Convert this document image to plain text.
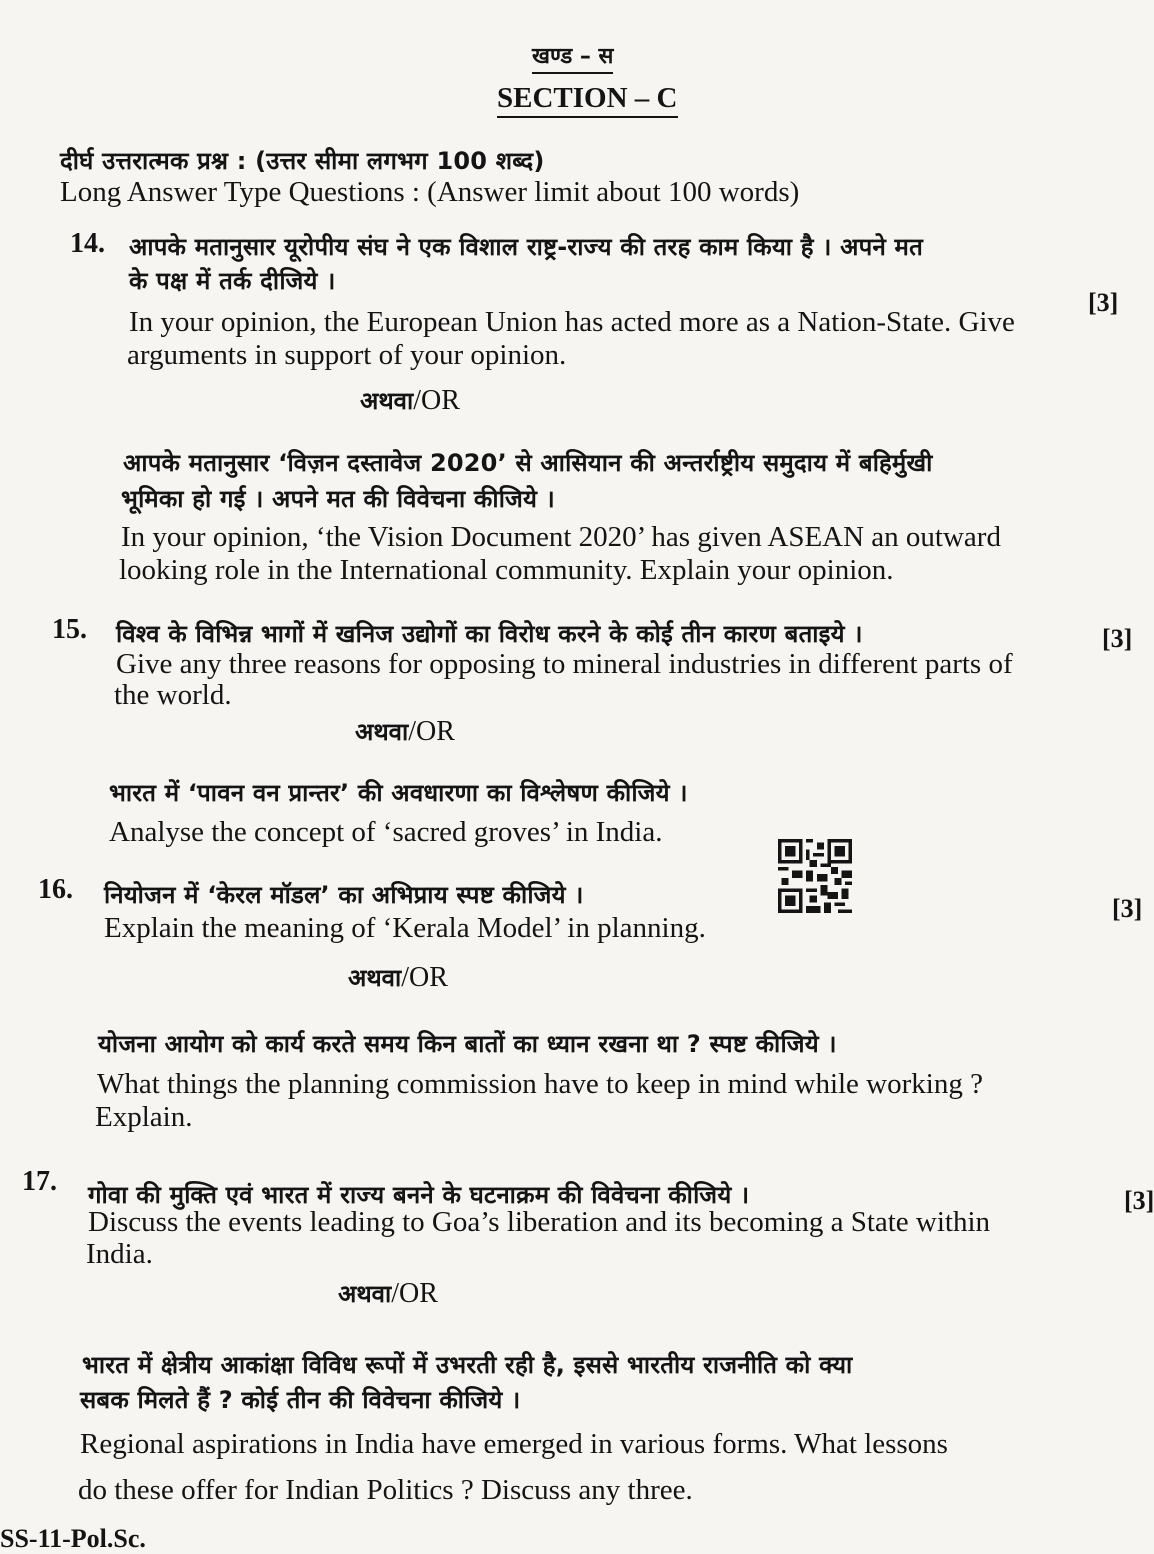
खण्ड – स
SECTION – C
दीर्घ उत्तरात्मक प्रश्न : (उत्तर सीमा लगभग 100 शब्द)
Long Answer Type Questions : (Answer limit about 100 words)
14. आपके मतानुसार यूरोपीय संघ ने एक विशाल राष्ट्र-राज्य की तरह काम किया है । अपने मत
के पक्ष में तर्क दीजिये ।
[3]
In your opinion, the European Union has acted more as a Nation-State. Give
arguments in support of your opinion.
अथवा/OR
आपके मतानुसार ‘विज़न दस्तावेज 2020’ से आसियान की अन्तर्राष्ट्रीय समुदाय में बहिर्मुखी
भूमिका हो गई । अपने मत की विवेचना कीजिये ।
In your opinion, ‘the Vision Document 2020’ has given ASEAN an outward
looking role in the International community. Explain your opinion.
15. विश्व के विभिन्न भागों में खनिज उद्योगों का विरोध करने के कोई तीन कारण बताइये ।	[3]
Give any three reasons for opposing to mineral industries in different parts of
the world.
अथवा/OR
भारत में ‘पावन वन प्रान्तर’ की अवधारणा का विश्लेषण कीजिये ।
Analyse the concept of ‘sacred groves’ in India.
16. नियोजन में ‘केरल मॉडल’ का अभिप्राय स्पष्ट कीजिये ।	[3]
Explain the meaning of ‘Kerala Model’ in planning.
अथवा/OR
योजना आयोग को कार्य करते समय किन बातों का ध्यान रखना था ? स्पष्ट कीजिये ।
What things the planning commission have to keep in mind while working ?
Explain.
17. गोवा की मुक्ति एवं भारत में राज्य बनने के घटनाक्रम की विवेचना कीजिये ।	[3]
Discuss the events leading to Goa’s liberation and its becoming a State within
India.
अथवा/OR
भारत में क्षेत्रीय आकांक्षा विविध रूपों में उभरती रही है, इससे भारतीय राजनीति को क्या
सबक मिलते हैं ? कोई तीन की विवेचना कीजिये ।
Regional aspirations in India have emerged in various forms. What lessons
do these offer for Indian Politics ? Discuss any three.
SS-11-Pol.Sc.
